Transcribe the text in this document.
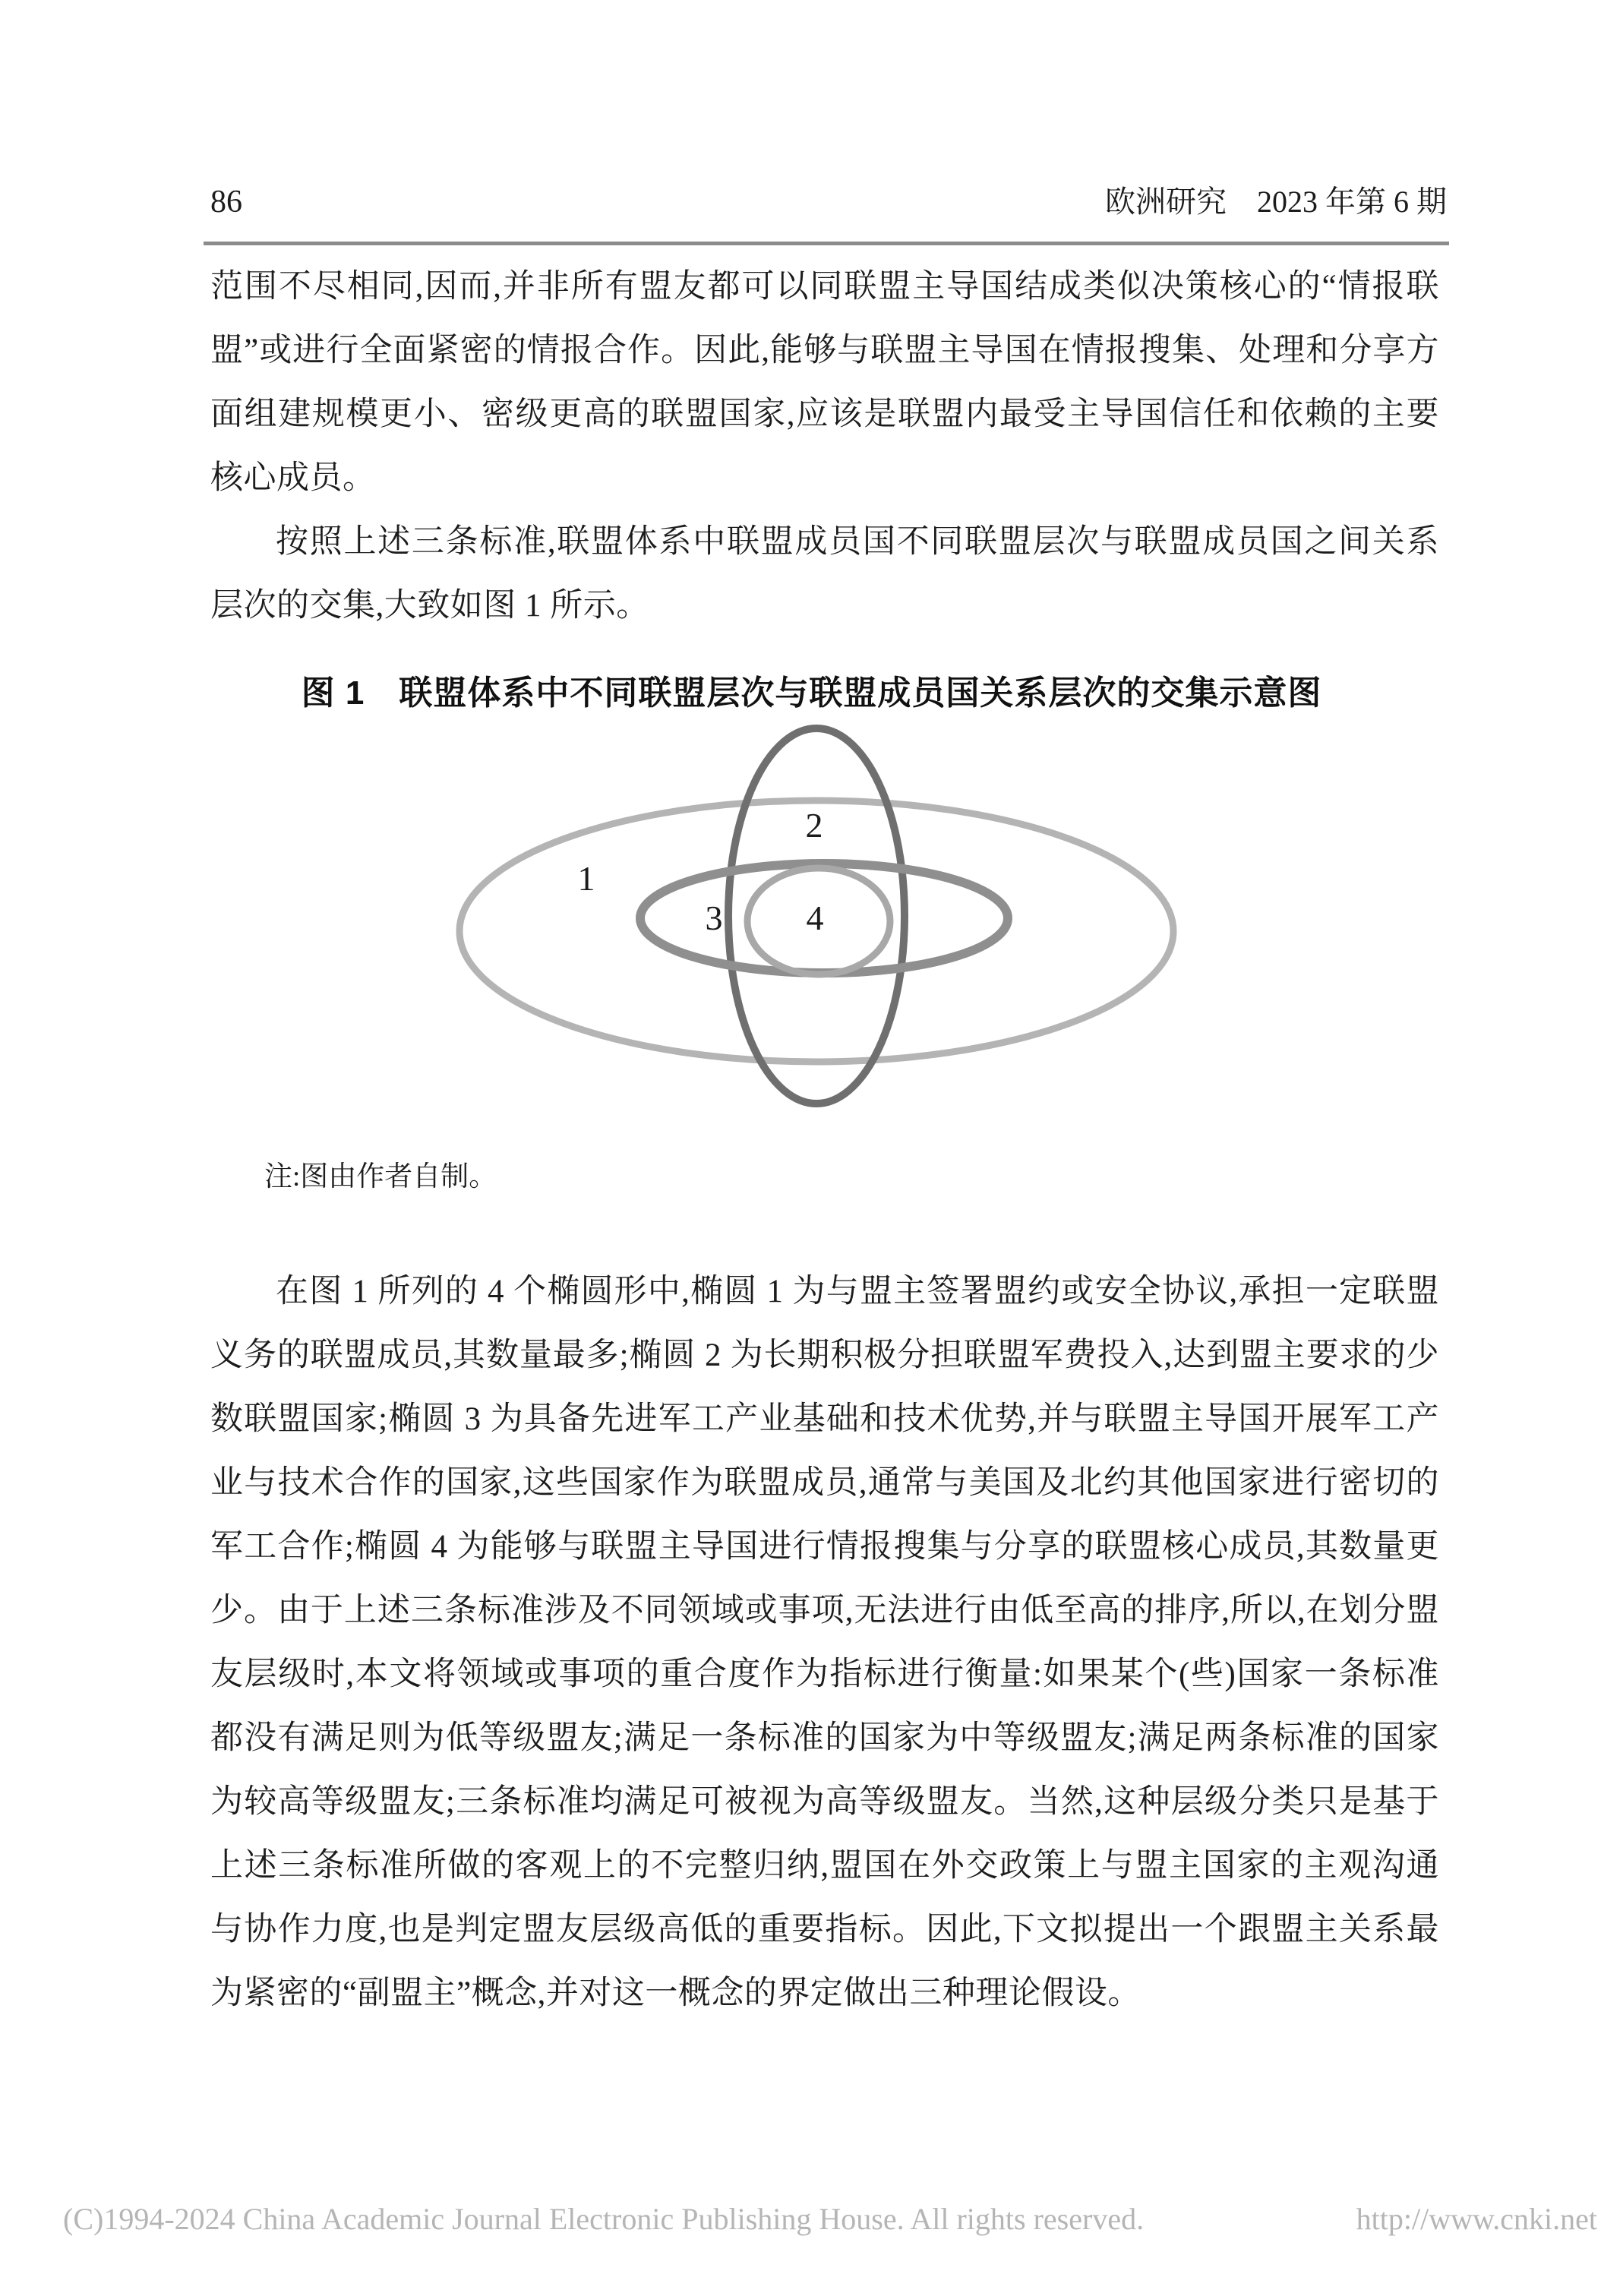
86	欧洲研究　2023 年第 6 期

范围不尽相同,因而,并非所有盟友都可以同联盟主导国结成类似决策核心的“情报联盟”或进行全面紧密的情报合作。因此,能够与联盟主导国在情报搜集、处理和分享方面组建规模更小、密级更高的联盟国家,应该是联盟内最受主导国信任和依赖的主要核心成员。

按照上述三条标准,联盟体系中联盟成员国不同联盟层次与联盟成员国之间关系层次的交集,大致如图 1 所示。

图 1　联盟体系中不同联盟层次与联盟成员国关系层次的交集示意图
1
2
3 4
注:图由作者自制。

在图 1 所列的 4 个椭圆形中,椭圆 1 为与盟主签署盟约或安全协议,承担一定联盟义务的联盟成员,其数量最多;椭圆 2 为长期积极分担联盟军费投入,达到盟主要求的少数联盟国家;椭圆 3 为具备先进军工产业基础和技术优势,并与联盟主导国开展军工产业与技术合作的国家,这些国家作为联盟成员,通常与美国及北约其他国家进行密切的军工合作;椭圆 4 为能够与联盟主导国进行情报搜集与分享的联盟核心成员,其数量更少。由于上述三条标准涉及不同领域或事项,无法进行由低至高的排序,所以,在划分盟友层级时,本文将领域或事项的重合度作为指标进行衡量:如果某个(些)国家一条标准都没有满足则为低等级盟友;满足一条标准的国家为中等级盟友;满足两条标准的国家为较高等级盟友;三条标准均满足可被视为高等级盟友。当然,这种层级分类只是基于上述三条标准所做的客观上的不完整归纳,盟国在外交政策上与盟主国家的主观沟通与协作力度,也是判定盟友层级高低的重要指标。因此,下文拟提出一个跟盟主关系最为紧密的“副盟主”概念,并对这一概念的界定做出三种理论假设。

(C)1994-2024 China Academic Journal Electronic Publishing House. All rights reserved.	http://www.cnki.net
